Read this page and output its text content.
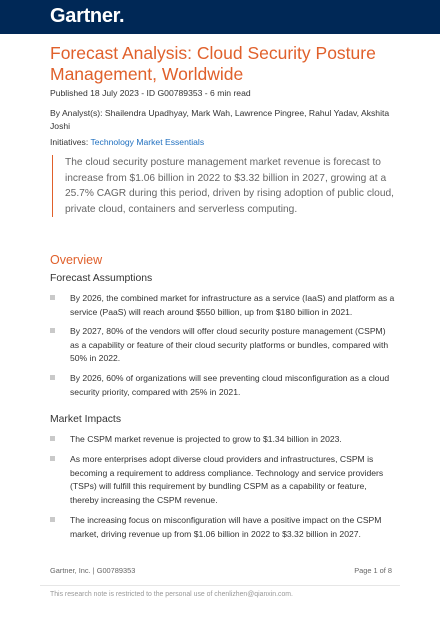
Gartner.
Forecast Analysis: Cloud Security Posture Management, Worldwide
Published 18 July 2023 - ID G00789353 - 6 min read
By Analyst(s): Shailendra Upadhyay, Mark Wah, Lawrence Pingree, Rahul Yadav, Akshita Joshi
Initiatives: Technology Market Essentials
The cloud security posture management market revenue is forecast to increase from $1.06 billion in 2022 to $3.32 billion in 2027, growing at a 25.7% CAGR during this period, driven by rising adoption of public cloud, private cloud, containers and serverless computing.
Overview
Forecast Assumptions
By 2026, the combined market for infrastructure as a service (IaaS) and platform as a service (PaaS) will reach around $550 billion, up from $180 billion in 2021.
By 2027, 80% of the vendors will offer cloud security posture management (CSPM) as a capability or feature of their cloud security platforms or bundles, compared with 50% in 2022.
By 2026, 60% of organizations will see preventing cloud misconfiguration as a cloud security priority, compared with 25% in 2021.
Market Impacts
The CSPM market revenue is projected to grow to $1.34 billion in 2023.
As more enterprises adopt diverse cloud providers and infrastructures, CSPM is becoming a requirement to address compliance. Technology and service providers (TSPs) will fulfill this requirement by bundling CSPM as a capability or feature, thereby increasing the CSPM revenue.
The increasing focus on misconfiguration will have a positive impact on the CSPM market, driving revenue up from $1.06 billion in 2022 to $3.32 billion in 2027.
Gartner, Inc. | G00789353	Page 1 of 8
This research note is restricted to the personal use of chenlizhen@qianxin.com.
